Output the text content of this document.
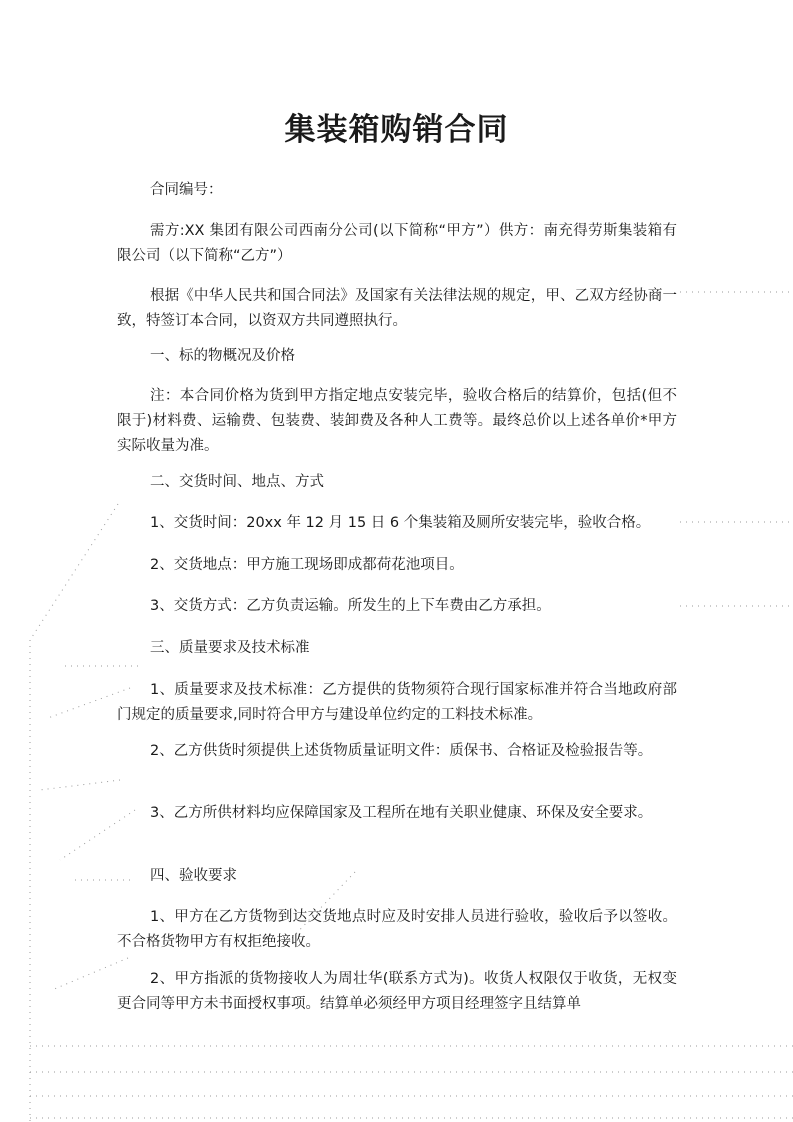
集装箱购销合同
合同编号：
需方:XX 集团有限公司西南分公司(以下简称“甲方”）供方：南充得劳斯集装箱有限公司（以下简称“乙方”）
根据《中华人民共和国合同法》及国家有关法律法规的规定，甲、乙双方经协商一致，特签订本合同，以资双方共同遵照执行。
一、标的物概况及价格
注：本合同价格为货到甲方指定地点安装完毕，验收合格后的结算价，包括(但不限于)材料费、运输费、包装费、装卸费及各种人工费等。最终总价以上述各单价*甲方实际收量为准。
二、交货时间、地点、方式
1、交货时间：20xx 年 12 月 15 日 6 个集装箱及厕所安装完毕，验收合格。
2、交货地点：甲方施工现场即成都荷花池项目。
3、交货方式：乙方负责运输。所发生的上下车费由乙方承担。
三、质量要求及技术标准
1、质量要求及技术标准：乙方提供的货物须符合现行国家标准并符合当地政府部门规定的质量要求,同时符合甲方与建设单位约定的工料技术标准。
2、乙方供货时须提供上述货物质量证明文件：质保书、合格证及检验报告等。
3、乙方所供材料均应保障国家及工程所在地有关职业健康、环保及安全要求。
四、验收要求
1、甲方在乙方货物到达交货地点时应及时安排人员进行验收，验收后予以签收。不合格货物甲方有权拒绝接收。
2、甲方指派的货物接收人为周壮华(联系方式为)。收货人权限仅于收货，无权变更合同等甲方未书面授权事项。结算单必须经甲方项目经理签字且结算单
